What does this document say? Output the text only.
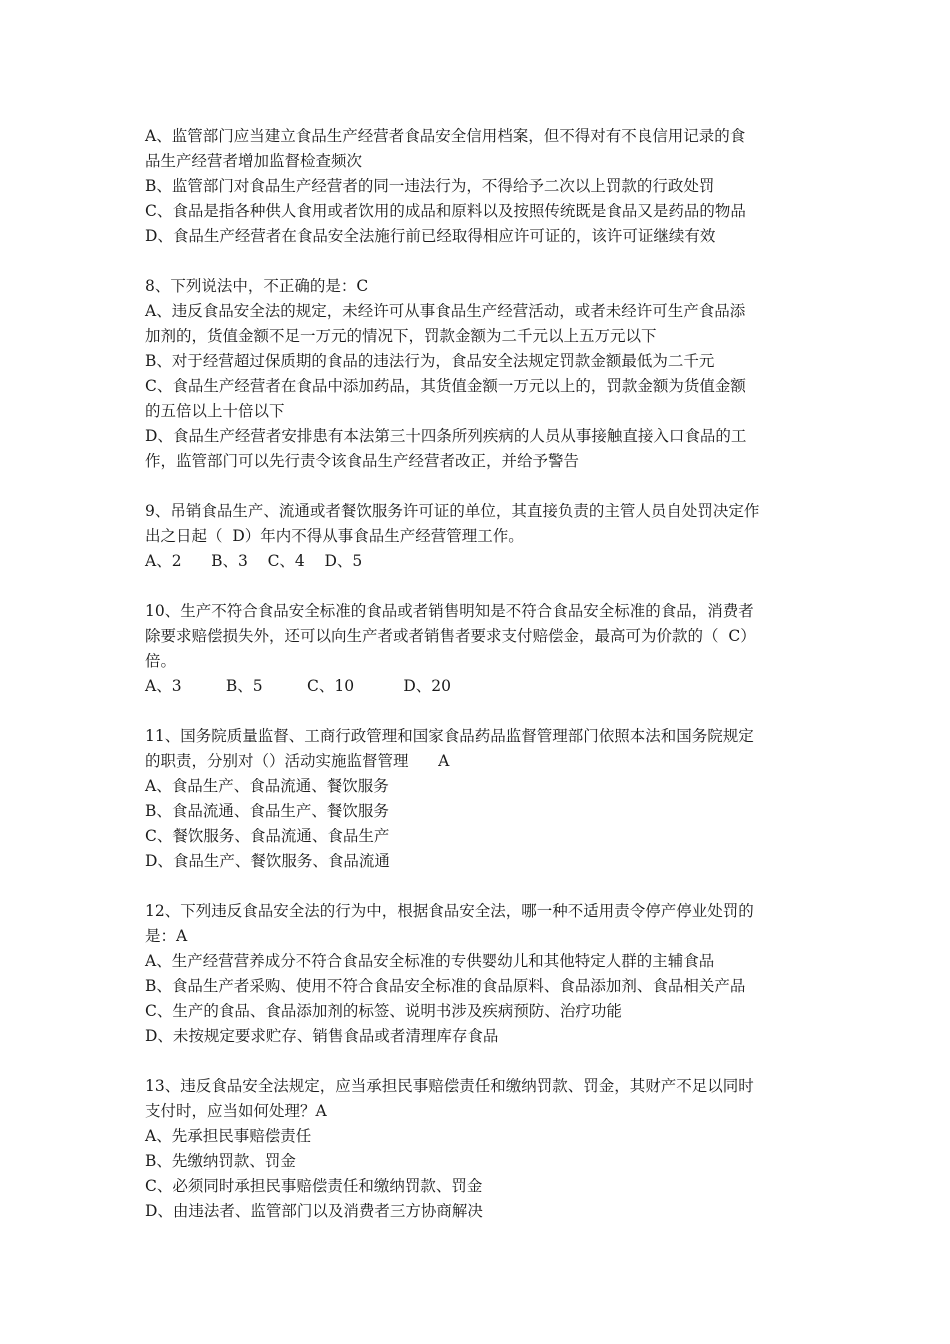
A、监管部门应当建立食品生产经营者食品安全信用档案，但不得对有不良信用记录的食
品生产经营者增加监督检查频次
B、监管部门对食品生产经营者的同一违法行为，不得给予二次以上罚款的行政处罚
C、食品是指各种供人食用或者饮用的成品和原料以及按照传统既是食品又是药品的物品
D、食品生产经营者在食品安全法施行前已经取得相应许可证的，该许可证继续有效
8、下列说法中，不正确的是：C
A、违反食品安全法的规定，未经许可从事食品生产经营活动，或者未经许可生产食品添
加剂的，货值金额不足一万元的情况下，罚款金额为二千元以上五万元以下
B、对于经营超过保质期的食品的违法行为，食品安全法规定罚款金额最低为二千元
C、食品生产经营者在食品中添加药品，其货值金额一万元以上的，罚款金额为货值金额
的五倍以上十倍以下
D、食品生产经营者安排患有本法第三十四条所列疾病的人员从事接触直接入口食品的工
作，监管部门可以先行责令该食品生产经营者改正，并给予警告
9、吊销食品生产、流通或者餐饮服务许可证的单位，其直接负责的主管人员自处罚决定作
出之日起（  D）年内不得从事食品生产经营管理工作。
A、2      B、3    C、4    D、5
10、生产不符合食品安全标准的食品或者销售明知是不符合食品安全标准的食品，消费者
除要求赔偿损失外，还可以向生产者或者销售者要求支付赔偿金，最高可为价款的（  C）
倍。
A、3         B、5         C、10          D、20
11、国务院质量监督、工商行政管理和国家食品药品监督管理部门依照本法和国务院规定
的职责，分别对（）活动实施监督管理      A
A、食品生产、食品流通、餐饮服务
B、食品流通、食品生产、餐饮服务
C、餐饮服务、食品流通、食品生产
D、食品生产、餐饮服务、食品流通
12、下列违反食品安全法的行为中，根据食品安全法，哪一种不适用责令停产停业处罚的
是：A
A、生产经营营养成分不符合食品安全标准的专供婴幼儿和其他特定人群的主辅食品
B、食品生产者采购、使用不符合食品安全标准的食品原料、食品添加剂、食品相关产品
C、生产的食品、食品添加剂的标签、说明书涉及疾病预防、治疗功能
D、未按规定要求贮存、销售食品或者清理库存食品
13、违反食品安全法规定，应当承担民事赔偿责任和缴纳罚款、罚金，其财产不足以同时
支付时，应当如何处理？A
A、先承担民事赔偿责任
B、先缴纳罚款、罚金
C、必须同时承担民事赔偿责任和缴纳罚款、罚金
D、由违法者、监管部门以及消费者三方协商解决
